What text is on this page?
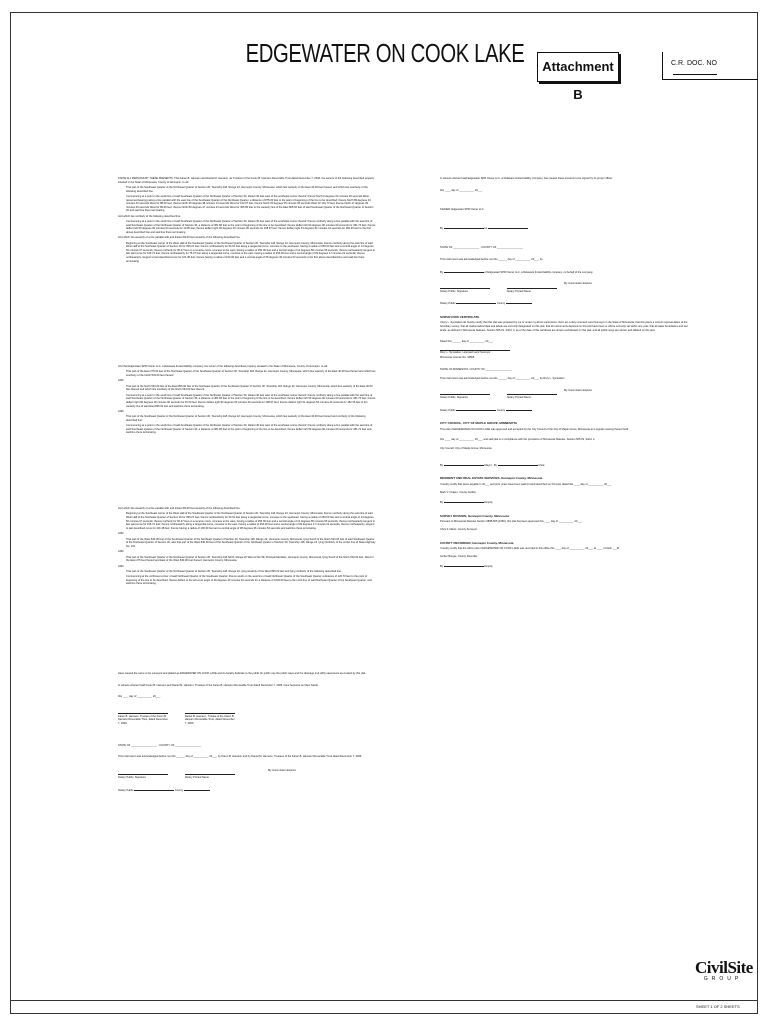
EDGEWATER ON COOK LAKE	Attachment B
C.R. DOC. NO

KNOW ALL PERSONS BY THESE PRESENTS: That Karen B. Hamann and Daniel M. Hamann, as Trustees of the Karen B. Hamann Revocable Trust dated December 7, 2006, the owners of the following described property situated in the State of Minnesota, County of Hennepin, to wit:

That part of the Southeast Quarter of the Northeast Quarter of Section 30, Township 118, Range 22, Hennepin County, Minnesota, which lies westerly of the East 40.00 feet thereof, and which lies southerly of the following described line:

Commencing at a point in the south line of said Southeast Quarter of the Northeast Quarter of Section 30, distant 40 feet west of the southeast corner thereof; thence North 0 degrees 04 minutes 00 seconds West (assumed bearing) along a line parallel with the east line of the Southeast Quarter of the Northeast Quarter, a distance of 875.00 feet to the point of beginning of the line to be described; thence North 89 degrees 44 minutes 43 seconds West for 88.00 feet; thence North 35 degrees 38 minutes 13 seconds West for 133.07 feet; thence North 33 degrees 05 minutes 06 seconds West for 101.73 feet; thence North 47 degrees 09 minutes 09 seconds West for 89.09 feet; thence North 89 degrees 47 minutes 04 seconds West for 455.96 feet to the westerly line of the East 805.00 feet of said Southeast Quarter of the Northeast Quarter of Section 30 and said line there terminating.

And which lies northerly of the following described line:

Commencing at a point in the south line of said Southeast Quarter of the Northeast Quarter of Section 30, distant 40 feet west of the southeast corner thereof; thence northerly along a line parallel with the east line of said Southeast Quarter of the Northeast Quarter of Section 30, a distance of 381.86 feet to the point of beginning of the line to be described; thence deflect left 90 degrees 00 minutes 00 seconds for 181.70 feet; thence deflect left 90 degrees 00 minutes 00 seconds for 10.00 feet; thence deflect right 90 degrees 00 minutes 00 seconds for 198.97 feet; thence deflect right 51 degrees 54 minutes 44 seconds for 182.36 feet to the first above described line and said line there terminating.

And which lies westerly of a line parallel with and distant 83.00 feet westerly of the following described line:

Beginning at the Southeast corner of the West Half of the Southeast Quarter of the Northeast Quarter of Section 30, Township 118, Range 22, Hennepin County, Minnesota; thence northerly along the east line of said West Half of the Northeast Quarter of Section 30 for 935.21 feet; thence northeasterly for 64.91 feet along a tangential curve, concave to the southeast, having a radius of 250.00 feet and a central angle of 14 degrees 50 minutes 07 seconds; thence northerly for 90.47 feet on a reverse curve, concave to the west, having a radius of 250.00 feet and a central angle of 14 degrees 55 minutes 55 seconds; thence northeasterly tangent to last said curve for 106.74 feet; thence northeasterly for 76.07 feet along a tangential curve, concave to the east, having a radius of 250.00 feet and a central angle of 09 degrees 17 minutes 22 seconds; thence northeasterly, tangent to last described curve for 101.38 feet; thence having a radius of 100.00 feet and a central angle of 08 degrees 36 minutes 52 seconds to the first above described line and said line there terminating.

And that Edgewater SPR Owner LLC, a Delaware limited liability company, fee owner of the following described property situated in the State of Minnesota, County of Hennepin, to wit:

That part of the East 275.00 feet of the Northeast Quarter of the Southeast Quarter of Section 30, Township 118, Range 22, Hennepin County, Minnesota, which lies westerly of the East 40.00 feet thereof and which lies southerly of the North 543.00 feet thereof.

AND

That part of the North 543.00 feet of the East 805.00 feet of the Northeast Quarter of the Southeast Quarter of Section 30, Township 118, Range 22, Hennepin County, Minnesota, which lies westerly of the East 40.00 feet thereof and which lies southerly of the North 543.00 feet thereof.

Commencing at a point in the south line of said Southeast Quarter of the Northeast Quarter of Section 30, distant 40 feet west of the southeast corner thereof; thence northerly along a line parallel with the east line of said Southeast Quarter of the Northeast Quarter of Section 30, a distance of 381.86 feet to the point of beginning of the line to be described; thence deflect left 90 degrees 00 minutes 00 seconds for 181.70 feet; thence deflect right 90 degrees 00 minutes 00 seconds for 10.00 feet; thence deflect right 90 degrees 00 minutes 00 seconds for 198.97 feet; thence deflect right 51 degrees 54 minutes 44 seconds for 182.36 feet to the westerly line of said East 805.00 feet and said line there terminating.

AND

That part of the Southeast Quarter of the Northeast Quarter of Section 30, Township 118, Range 22, Hennepin County, Minnesota, which lies westerly of the East 40.00 feet thereof and northerly of the following described line:

Commencing at a point in the south line of said Southeast Quarter of the Northeast Quarter of Section 30, distant 40 feet west of the southeast corner thereof; thence northerly along a line parallel with the east line of said Southeast Quarter of the Northeast Quarter of Section 30, a distance of 381.86 feet to the point of beginning of the line to be described; thence deflect left 90 degrees 00 minutes 00 seconds for 181.70 feet and said line there terminating.

And which lies westerly of a line parallel with and distant 83.00 feet westerly of the following described line:

Beginning at the Southeast corner of the West Half of the Southeast Quarter of the Northeast Quarter of Section 30, Township 118, Range 22, Hennepin County, Minnesota; thence northerly along the east line of said West Half of the Northeast Quarter of Section 30 for 935.21 feet; thence northeasterly for 64.91 feet along a tangential curve, concave to the southeast, having a radius of 250.00 feet and a central angle of 14 degrees 50 minutes 07 seconds; thence northerly for 90.47 feet on a reverse curve, concave to the west, having a radius of 250.00 feet and a central angle of 14 degrees 55 minutes 55 seconds; thence northeasterly tangent to last said curve for 106.74 feet; thence northeasterly along a tangential curve, concave to the east, having a radius of 250.00 feet and a central angle of 09 degrees 17 minutes 22 seconds; thence northeasterly, tangent to last described curve for 101.38 feet; thence having a radius of 100.00 feet and a central angle of 08 degrees 36 minutes 52 seconds and said line there terminating.

AND

That part of the West 840.00 feet of the Southeast Quarter of the Northeast Quarter of Section 30, Township 118, Range 22, Hennepin County, Minnesota, lying South of the North 543.00 feet of said Southeast Quarter of the Northeast Quarter of Section 30, also that part of the West 840.00 feet of the Southeast Quarter of the Northeast Quarter of Section 30, Township 118, Range 22, lying Northerly of the center line of State Highway No. 101.

AND

That part of the Southeast Quarter of the Northeast Quarter of Section 30, Township 118 North, Range 22 West of the 5th Principal Meridian, Hennepin County, Minnesota, lying South of the North 543.00 feet, West of the East 275 feet thereof and East of the West 840.00 feet thereof, Hennepin County, Minnesota.

AND

That part of the Southeast Quarter of the Northeast Quarter of Section 30, Township 118, Range 22, lying westerly of the West 805.00 feet and lying northerly of the following described line:

Commencing at the northwest corner of said Northeast Quarter of the Southeast Quarter; thence south on the west line of said Northeast Quarter of the Southeast Quarter a distance of 120.70 feet to the point of beginning of the line to be described; thence deflect to the left at an angle of 90 degrees 49 minutes 40 seconds for a distance of 1049.00 feet to the north line of said Northeast Quarter of the Southeast Quarter, and said line there terminating.

Have caused the same to be surveyed and platted as EDGEWATER ON COOK LAKE and do hereby dedicate to the public for public use the public ways and the drainage and utility easements as created by this plat.

In witness whereof said Karen B. Hamann and Daniel M. Hamann, Trustees of the Karen B. Hamann Revocable Trust dated December 7, 2006, have hereunto set their hands

this ____ day of __________, 20___.

Karen B. Hamann, Trustee of the Karen B. Hamann Revocable Trust, dated December 7, 2006. Daniel M. Hamann, Trustee of the Karen B. Hamann Revocable Trust, dated December 7, 2006.

STATE OF __________________ , COUNTY OF __________________

This instrument was acknowledged before me this ______ day of __________, 20___, by Karen B. Hamann and by Daniel M. Hamann, Trustees of the Karen B. Hamann Revocable Trust dated December 7, 2006.

My Commission Expires

Notary Public, Signature	Notary Printed Name

Notary Public	County

In witness whereof said Edgewater SPR Owner LLC, a Delaware limited liability company, has caused these presents to be signed by its proper officer

this ____ day of __________, 20___.

SIGNED: Edgewater SPR Owner LLC

By	Its

STATE OF __________________ , COUNTY OF __________________

This instrument was acknowledged before me this ______ day of __________, 20___, by

By	of Edgewater SPR Owner LLC, a Delaware limited liability company, on behalf of the company.

My Commission Expires

Notary Public, Signature	Notary Printed Name

Notary Public	County

SURVEYORS CERTIFICATE

I Rory L. Synstelien do hereby certify that this plat was prepared by me or under my direct supervision; that I am a duly Licensed Land Surveyor in the State of Minnesota; that this plat is a correct representation of the boundary survey; that all mathematical data and labels are correctly designated on this plat; that all monuments depicted on this plat have been or will be correctly set within one year; that all water boundaries and wet lands, as defined in Minnesota Statutes, Section 505.01, Subd. 3, as of the date of this certificate are shown and labeled on this plat; and all public ways are shown and labeled on this plat.

Dated this ______ day of __________, 20___.

Rory L. Synstelien, Licensed Land Surveyor

Minnesota License No. 44565

STATE OF MINNESOTA, COUNTY OF __________________

This instrument was acknowledged before me this ______ day of __________, 20___, by Rory L. Synstelien

My Commission Expires

Notary Public, Signature	Notary Printed Name

Notary Public	County

CITY COUNCIL, CITY OF MAPLE GROVE, MINNESOTA

This plat of EDGEWATER ON COOK LAKE was approved and accepted by the City Council of the City of Maple Grove, Minnesota at a regular meeting thereof held

this ____ day of __________, 20___, and said plat is in compliance with the provisions of Minnesota Statutes, Section 505.03, Subd. 2.

City Council, City of Maple Grove, Minnesota

By	Mayor By	Clerk

RESIDENT AND REAL ESTATE SERVICES, Hennepin County, Minnesota

I hereby certify that taxes payable in 20___ and prior years have been paid for land described on this plat, dated this ____ day of __________, 20___.

Mark V. Chapin, County Auditor

By	Deputy

SURVEY DIVISION, Hennepin County, Minnesota

Pursuant to Minnesota Statutes Section 383B.565 (1969), this plat has been approved this ____ day of __________, 20___.

Chris F. Mavis, County Surveyor

COUNTY RECORDER, Hennepin County, Minnesota

I hereby certify that the within plat of EDGEWATER ON COOK LAKE was recorded in this office this ____ day of __________, 20___, at ____ o'Clock ___M.

Amber Bougie, County Recorder

By	Deputy

CivilSite
GROUP
SHEET 1 OF 2 SHEETS
